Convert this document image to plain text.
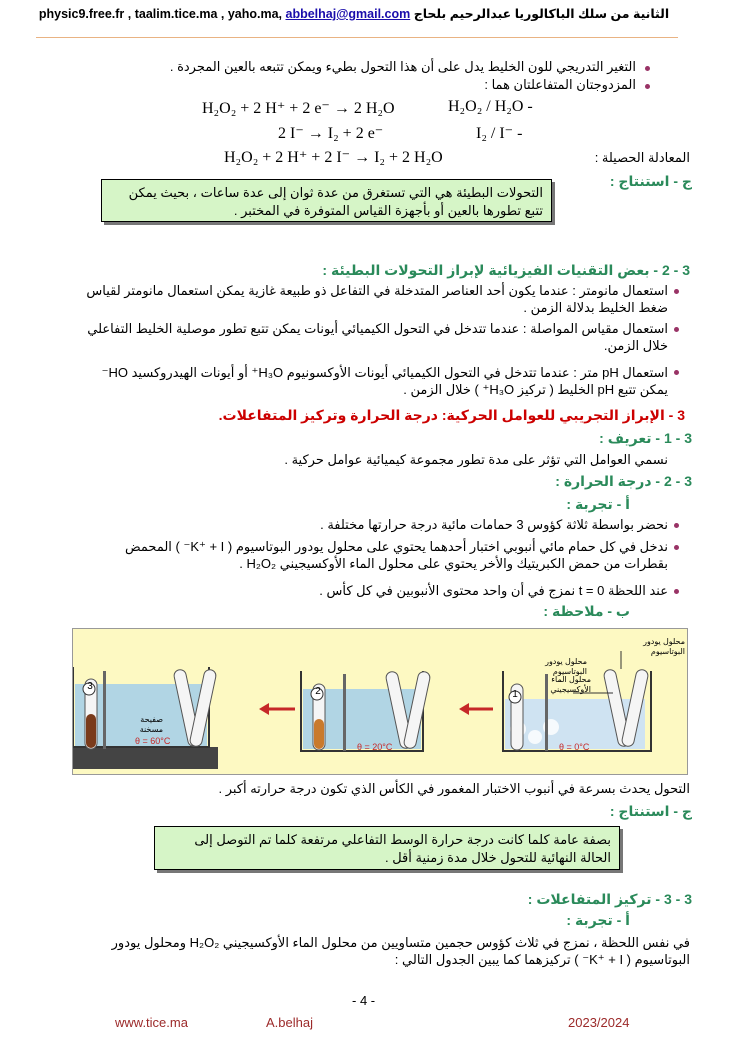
الثانية من سلك الباكالوريا عبدالرحيم بلحاج physic9.free.fr , taalim.tice.ma , yaho.ma, abbelhaj@gmail.com
التغير التدريجي للون الخليط يدل على أن هذا التحول بطيء ويمكن تتبعه بالعين المجردة .
المزدوجتان المتفاعلتان هما :
H₂O₂ / H₂O -
H₂O₂ + 2 H⁺ + 2 e⁻ → 2 H₂O
I₂ / I⁻ -
2 I⁻ → I₂ + 2 e⁻
المعادلة الحصيلة :
H₂O₂ + 2 H⁺ + 2 I⁻ → I₂ + 2 H₂O
ج - استنتاج :
التحولات البطيئة هي التي تستغرق من عدة ثوان إلى عدة ساعات ، بحيث يمكن تتبع تطورها بالعين أو بأجهزة القياس المتوفرة في المختبر .
3 - 2 - بعض التقنيات الفيزيائية لإبراز التحولات البطيئة :
استعمال مانومتر : عندما يكون أحد العناصر المتدخلة في التفاعل ذو طبيعة غازية يمكن استعمال مانومتر لقياس ضغط الخليط بدلالة الزمن .
استعمال مقياس المواصلة : عندما تتدخل في التحول الكيميائي أيونات يمكن تتبع تطور موصلية الخليط التفاعلي خلال الزمن.
استعمال pH متر : عندما تتدخل في التحول الكيميائي أيونات الأوكسونيوم H₃O⁺ أو أيونات الهيدروكسيد HO⁻ يمكن تتبع pH الخليط ( تركيز H₃O⁺ ) خلال الزمن .
3 - الإبراز التجريبي للعوامل الحركية: درجة الحرارة وتركيز المتفاعلات.
3 - 1 - تعريف :
نسمي العوامل التي تؤثر على مدة تطور مجموعة كيميائية عوامل حركية .
3 - 2 - درجة الحرارة :
أ - تجربة :
نحضر بواسطة ثلاثة كؤوس 3 حمامات مائية درجة حرارتها مختلفة .
ندخل في كل حمام مائي أنبوبي اختبار أحدهما يحتوي على محلول يودور البوتاسيوم ( K⁺ + I⁻ ) المحمض بقطرات من حمض الكبريتيك والأخر يحتوي على محلول الماء الأوكسيجيني H₂O₂ .
عند اللحظة t = 0 نمزج في أن واحد محتوى الأنبوبين في كل كأس .
ب - ملاحظة :
3	2	1
محلول يودور البوتاسيوم
محلول يودور البوتاسيوم
محلول الماء الأوكسيجيني
صفيحة مسخنة
θ = 60°C
θ = 20°C	θ = 0°C
التحول يحدث بسرعة في أنبوب الاختبار المغمور في الكأس الذي تكون درجة حرارته أكبر .
ج - استنتاج :
بصفة عامة كلما كانت درجة حرارة الوسط التفاعلي مرتفعة كلما تم التوصل إلى الحالة النهائية للتحول خلال مدة زمنية أقل .
3 - 3 - تركيز المتفاعلات :
أ - تجربة :
في نفس اللحظة ، نمزج في ثلاث كؤوس حجمين متساويين من محلول الماء الأوكسيجيني H₂O₂ ومحلول يودور البوتاسيوم ( K⁺ + I⁻ ) تركيزهما كما يبين الجدول التالي :
- 4 -
www.tice.ma	A.belhaj	2023/2024
